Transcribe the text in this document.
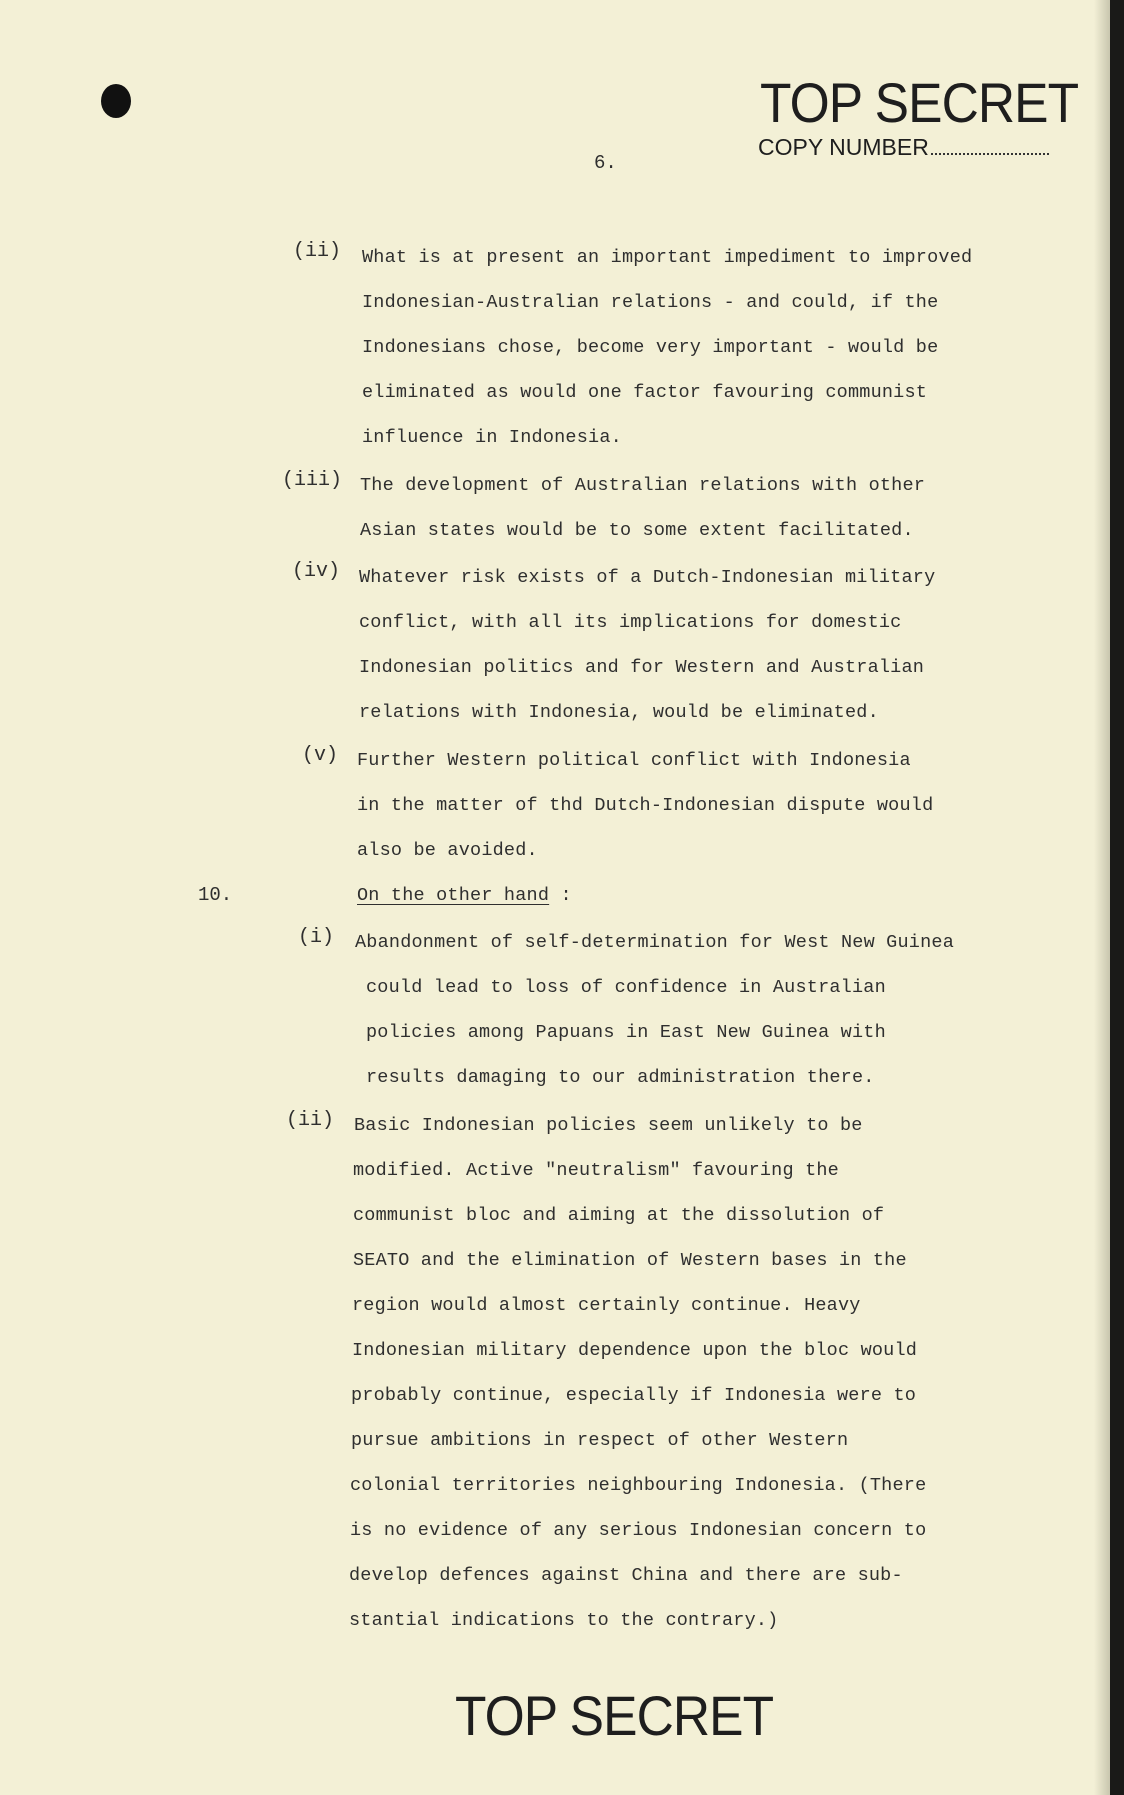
TOP SECRET
COPY NUMBER
6.
(ii) What is at present an important impediment to improved
Indonesian-Australian relations - and could, if the
Indonesians chose, become very important - would be
eliminated as would one factor favouring communist
influence in Indonesia.
(iii) The development of Australian relations with other
Asian states would be to some extent facilitated.
(iv) Whatever risk exists of a Dutch-Indonesian military
conflict, with all its implications for domestic
Indonesian politics and for Western and Australian
relations with Indonesia, would be eliminated.
(v) Further Western political conflict with Indonesia
in the matter of thd Dutch-Indonesian dispute would
also be avoided.
10.	On the other hand :
(i) Abandonment of self-determination for West New Guinea
could lead to loss of confidence in Australian
policies among Papuans in East New Guinea with
results damaging to our administration there.
(ii) Basic Indonesian policies seem unlikely to be
modified. Active "neutralism" favouring the
communist bloc and aiming at the dissolution of
SEATO and the elimination of Western bases in the
region would almost certainly continue. Heavy
Indonesian military dependence upon the bloc would
probably continue, especially if Indonesia were to
pursue ambitions in respect of other Western
colonial territories neighbouring Indonesia. (There
is no evidence of any serious Indonesian concern to
develop defences against China and there are sub-
stantial indications to the contrary.)
TOP SECRET
